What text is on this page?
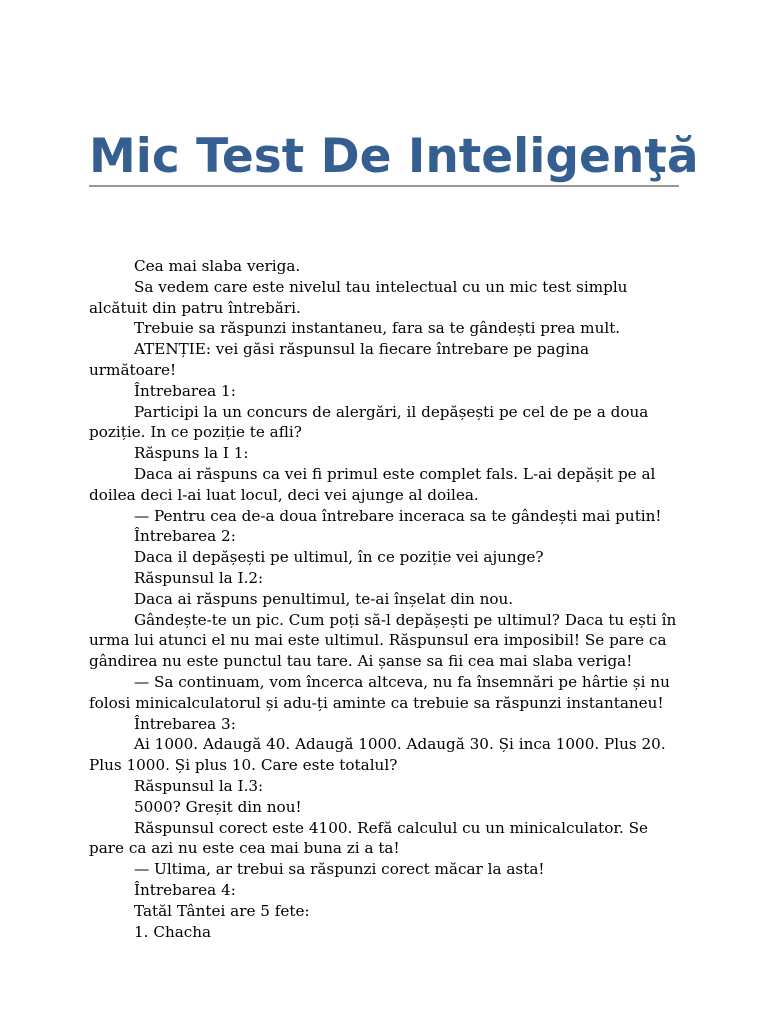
Mic Test De Inteligenţă

Cea mai slaba veriga.

Sa vedem care este nivelul tau intelectual cu un mic test simplu alcătuit din patru întrebări.

Trebuie sa răspunzi instantaneu, fara sa te gândești prea mult.

ATENȚIE: vei găsi răspunsul la fiecare întrebare pe pagina următoare!

Întrebarea 1:

Participi la un concurs de alergări, il depășești pe cel de pe a doua poziție. In ce poziție te afli?

Răspuns la I 1:

Daca ai răspuns ca vei fi primul este complet fals. L-ai depășit pe al doilea deci l-ai luat locul, deci vei ajunge al doilea.

— Pentru cea de-a doua întrebare inceraca sa te gândești mai putin!

Întrebarea 2:

Daca il depășești pe ultimul, în ce poziție vei ajunge?

Răspunsul la I.2:

Daca ai răspuns penultimul, te-ai înșelat din nou.

Gândește-te un pic. Cum poți să-l depășești pe ultimul? Daca tu ești în urma lui atunci el nu mai este ultimul. Răspunsul era imposibil! Se pare ca gândirea nu este punctul tau tare. Ai șanse sa fii cea mai slaba veriga!

— Sa continuam, vom încerca altceva, nu fa însemnări pe hârtie și nu folosi minicalculatorul și adu-ți aminte ca trebuie sa răspunzi instantaneu!

Întrebarea 3:

Ai 1000. Adaugă 40. Adaugă 1000. Adaugă 30. Și inca 1000. Plus 20. Plus 1000. Și plus 10. Care este totalul?

Răspunsul la I.3:

5000? Greșit din nou!

Răspunsul corect este 4100. Refă calculul cu un minicalculator. Se pare ca azi nu este cea mai buna zi a ta!

— Ultima, ar trebui sa răspunzi corect măcar la asta!

Întrebarea 4:

Tatăl Tântei are 5 fete:

1. Chacha
